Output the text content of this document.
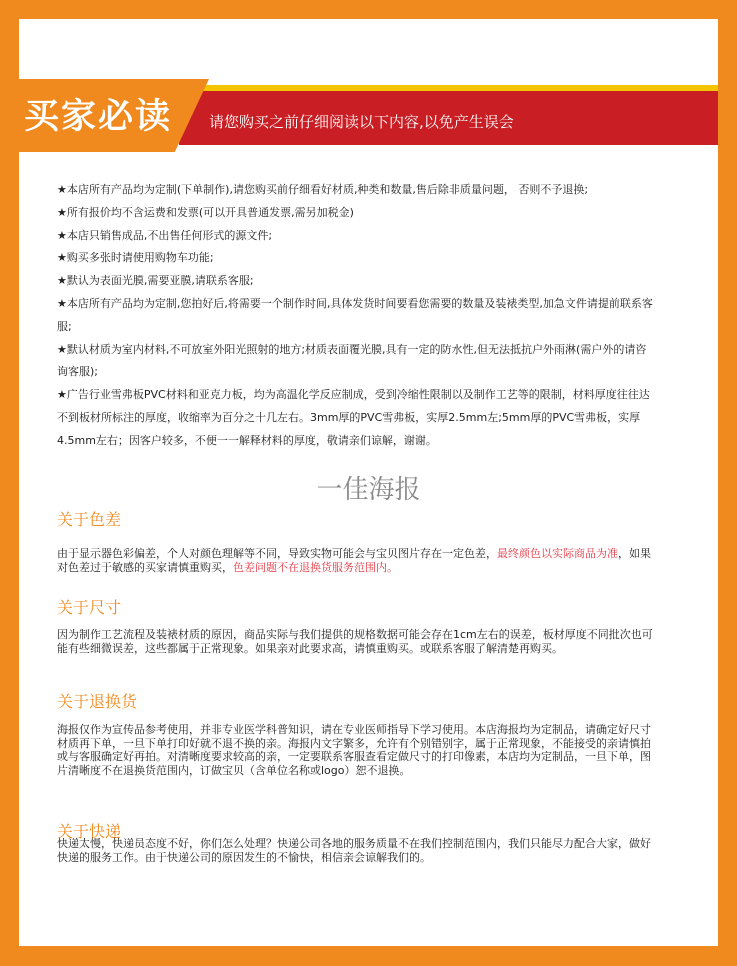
买家必读 请您购买之前仔细阅读以下内容,以免产生误会

★本店所有产品均为定制(下单制作),请您购买前仔细看好材质,种类和数量,售后除非质量问题， 否则不予退换;

★所有报价均不含运费和发票(可以开具普通发票,需另加税金)

★本店只销售成品,不出售任何形式的源文件;

★购买多张时请使用购物车功能;

★默认为表面光膜,需要亚膜,请联系客服;

★本店所有产品均为定制,您拍好后,将需要一个制作时间,具体发货时间要看您需要的数量及装裱类型,加急文件请提前联系客服;

★默认材质为室内材料,不可放室外阳光照射的地方;材质表面覆光膜,具有一定的防水性,但无法抵抗户外雨淋(需户外的请咨询客服);

★广告行业雪弗板PVC材料和亚克力板，均为高温化学反应制成，受到冷缩性限制以及制作工艺等的限制，材料厚度往往达不到板材所标注的厚度，收缩率为百分之十几左右。3mm厚的PVC雪弗板，实厚2.5mm左;5mm厚的PVC雪弗板，实厚4.5mm左右；因客户较多，不便一一解释材料的厚度，敬请亲们谅解，谢谢。

一佳海报
关于色差
由于显示器色彩偏差，个人对颜色理解等不同，导致实物可能会与宝贝图片存在一定色差，最终颜色以实际商品为准，如果对色差过于敏感的买家请慎重购买，色差问题不在退换货服务范围内。
关于尺寸
因为制作工艺流程及装裱材质的原因，商品实际与我们提供的规格数据可能会存在1cm左右的误差，板材厚度不同批次也可能有些细微误差，这些都属于正常现象。如果亲对此要求高，请慎重购买。或联系客服了解清楚再购买。
关于退换货
海报仅作为宣传品参考使用，并非专业医学科普知识，请在专业医师指导下学习使用。本店海报均为定制品，请确定好尺寸材质再下单，一旦下单打印好就不退不换的亲。海报内文字繁多，允许有个别错别字，属于正常现象，不能接受的亲请慎拍或与客服确定好再拍。对清晰度要求较高的亲，一定要联系客服查看定做尺寸的打印像素，本店均为定制品，一旦下单，图片清晰度不在退换货范围内，订做宝贝（含单位名称或logo）恕不退换。
关于快递
快递太慢，快递员态度不好，你们怎么处理？快递公司各地的服务质量不在我们控制范围内，我们只能尽力配合大家，做好快递的服务工作。由于快递公司的原因发生的不愉快，相信亲会谅解我们的。
